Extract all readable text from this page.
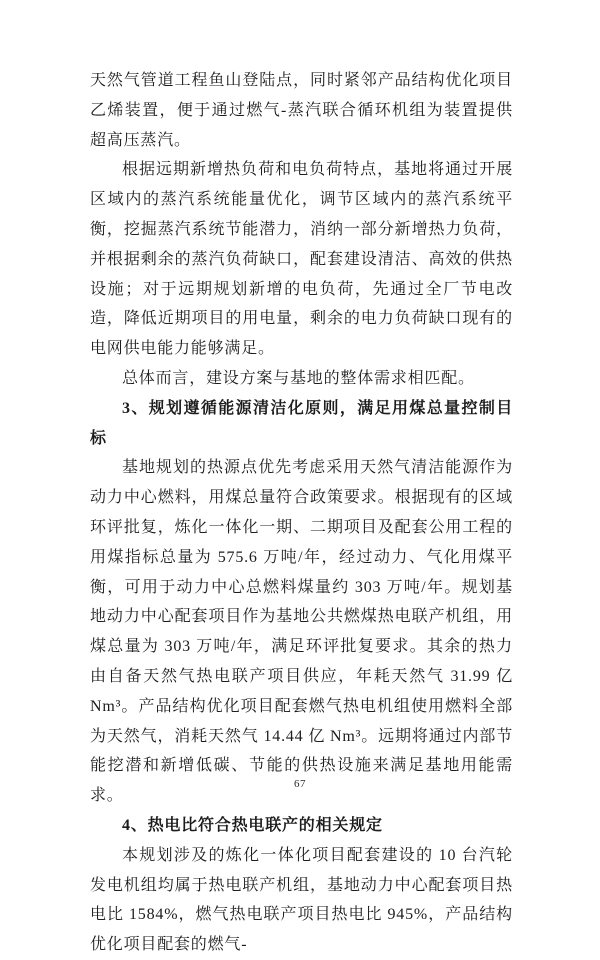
天然气管道工程鱼山登陆点，同时紧邻产品结构优化项目乙烯装置，便于通过燃气-蒸汽联合循环机组为装置提供超高压蒸汽。

根据远期新增热负荷和电负荷特点，基地将通过开展区域内的蒸汽系统能量优化，调节区域内的蒸汽系统平衡，挖掘蒸汽系统节能潜力，消纳一部分新增热力负荷，并根据剩余的蒸汽负荷缺口，配套建设清洁、高效的供热设施；对于远期规划新增的电负荷，先通过全厂节电改造，降低近期项目的用电量，剩余的电力负荷缺口现有的电网供电能力能够满足。

总体而言，建设方案与基地的整体需求相匹配。

3、规划遵循能源清洁化原则，满足用煤总量控制目标

基地规划的热源点优先考虑采用天然气清洁能源作为动力中心燃料，用煤总量符合政策要求。根据现有的区域环评批复，炼化一体化一期、二期项目及配套公用工程的用煤指标总量为 575.6 万吨/年，经过动力、气化用煤平衡，可用于动力中心总燃料煤量约 303 万吨/年。规划基地动力中心配套项目作为基地公共燃煤热电联产机组，用煤总量为 303 万吨/年，满足环评批复要求。其余的热力由自备天然气热电联产项目供应，年耗天然气 31.99 亿 Nm³。产品结构优化项目配套燃气热电机组使用燃料全部为天然气，消耗天然气 14.44 亿 Nm³。远期将通过内部节能挖潜和新增低碳、节能的供热设施来满足基地用能需求。

4、热电比符合热电联产的相关规定

本规划涉及的炼化一体化项目配套建设的 10 台汽轮发电机组均属于热电联产机组，基地动力中心配套项目热电比 1584%，燃气热电联产项目热电比 945%，产品结构优化项目配套的燃气-

67
